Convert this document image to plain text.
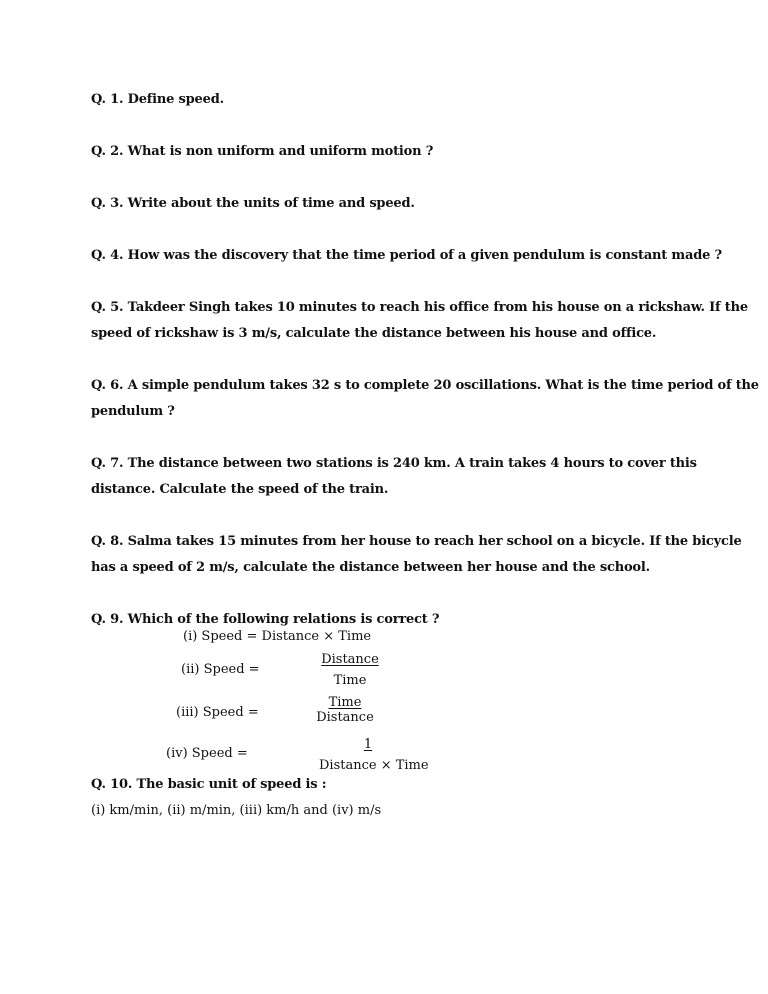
Q. 1. Define speed.
Q. 2. What is non uniform and uniform motion ?
Q. 3. Write about the units of time and speed.
Q. 4. How was the discovery that the time period of a given pendulum is constant made ?
Q. 5. Takdeer Singh takes 10 minutes to reach his office from his house on a rickshaw. If the
speed of rickshaw is 3 m/s, calculate the distance between his house and office.
Q. 6. A simple pendulum takes 32 s to complete 20 oscillations. What is the time period of the
pendulum ?
Q. 7. The distance between two stations is 240 km. A train takes 4 hours to cover this
distance. Calculate the speed of the train.
Q. 8. Salma takes 15 minutes from her house to reach her school on a bicycle. If the bicycle
has a speed of 2 m/s, calculate the distance between her house and the school.
Q. 9. Which of the following relations is correct ?
(i) Speed = Distance × Time
(ii) Speed =
Distance
Time
(iii) Speed =
Time
Distance
(iv) Speed =
1
Distance × Time
Q. 10. The basic unit of speed is :
(i) km/min, (ii) m/min, (iii) km/h and (iv) m/s
